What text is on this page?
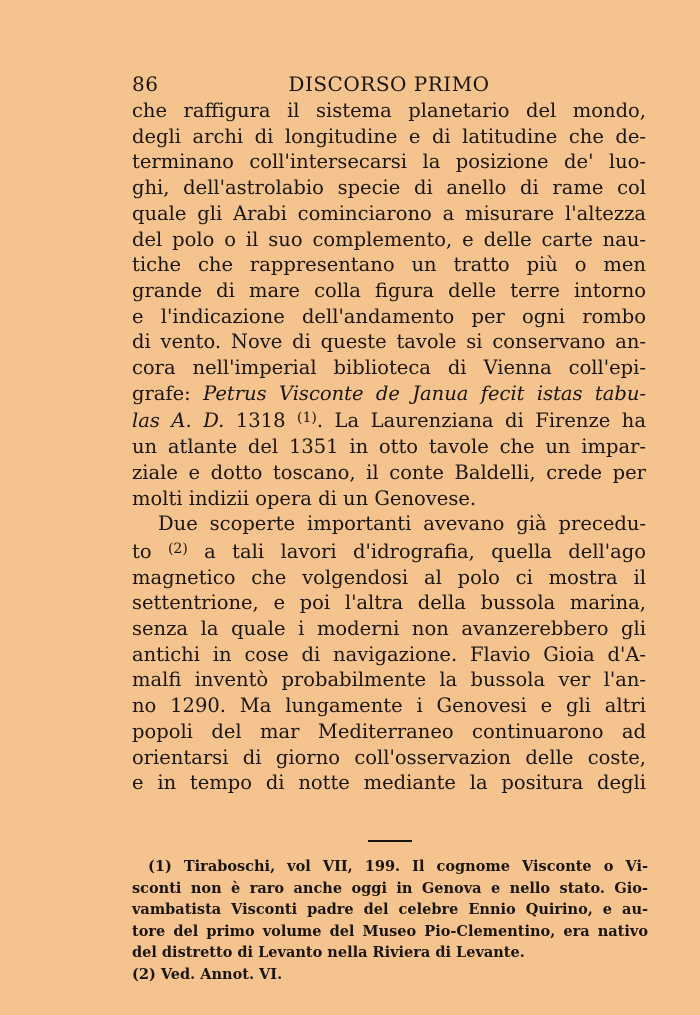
86	DISCORSO PRIMO
che raffigura il sistema planetario del mondo,
degli archi di longitudine e di latitudine che de-
terminano coll'intersecarsi la posizione de' luo-
ghi, dell'astrolabio specie di anello di rame col
quale gli Arabi cominciarono a misurare l'altezza
del polo o il suo complemento, e delle carte nau-
tiche che rappresentano un tratto più o men
grande di mare colla figura delle terre intorno
e l'indicazione dell'andamento per ogni rombo
di vento. Nove di queste tavole si conservano an-
cora nell'imperial biblioteca di Vienna coll'epi-
grafe: Petrus Visconte de Janua fecit istas tabu-
las A. D. 1318 $^{(1)}$. La Laurenziana di Firenze ha
un atlante del 1351 in otto tavole che un impar-
ziale e dotto toscano, il conte Baldelli, crede per
molti indizii opera di un Genovese.
Due scoperte importanti avevano già precedu-
to $^{(2)}$ a tali lavori d'idrografia, quella dell'ago
magnetico che volgendosi al polo ci mostra il
settentrione, e poi l'altra della bussola marina,
senza la quale i moderni non avanzerebbero gli
antichi in cose di navigazione. Flavio Gioia d'A-
malfi inventò probabilmente la bussola ver l'an-
no 1290. Ma lungamente i Genovesi e gli altri
popoli del mar Mediterraneo continuarono ad
orientarsi di giorno coll'osservazion delle coste,
e in tempo di notte mediante la positura degli
(1) Tiraboschi, vol VII, 199. Il cognome Visconte o Vi-
sconti non è raro anche oggi in Genova e nello stato. Gio-
vambatista Visconti padre del celebre Ennio Quirino, e au-
tore del primo volume del Museo Pio-Clementino, era nativo
del distretto di Levanto nella Riviera di Levante.
(2) Ved. Annot. VI.
